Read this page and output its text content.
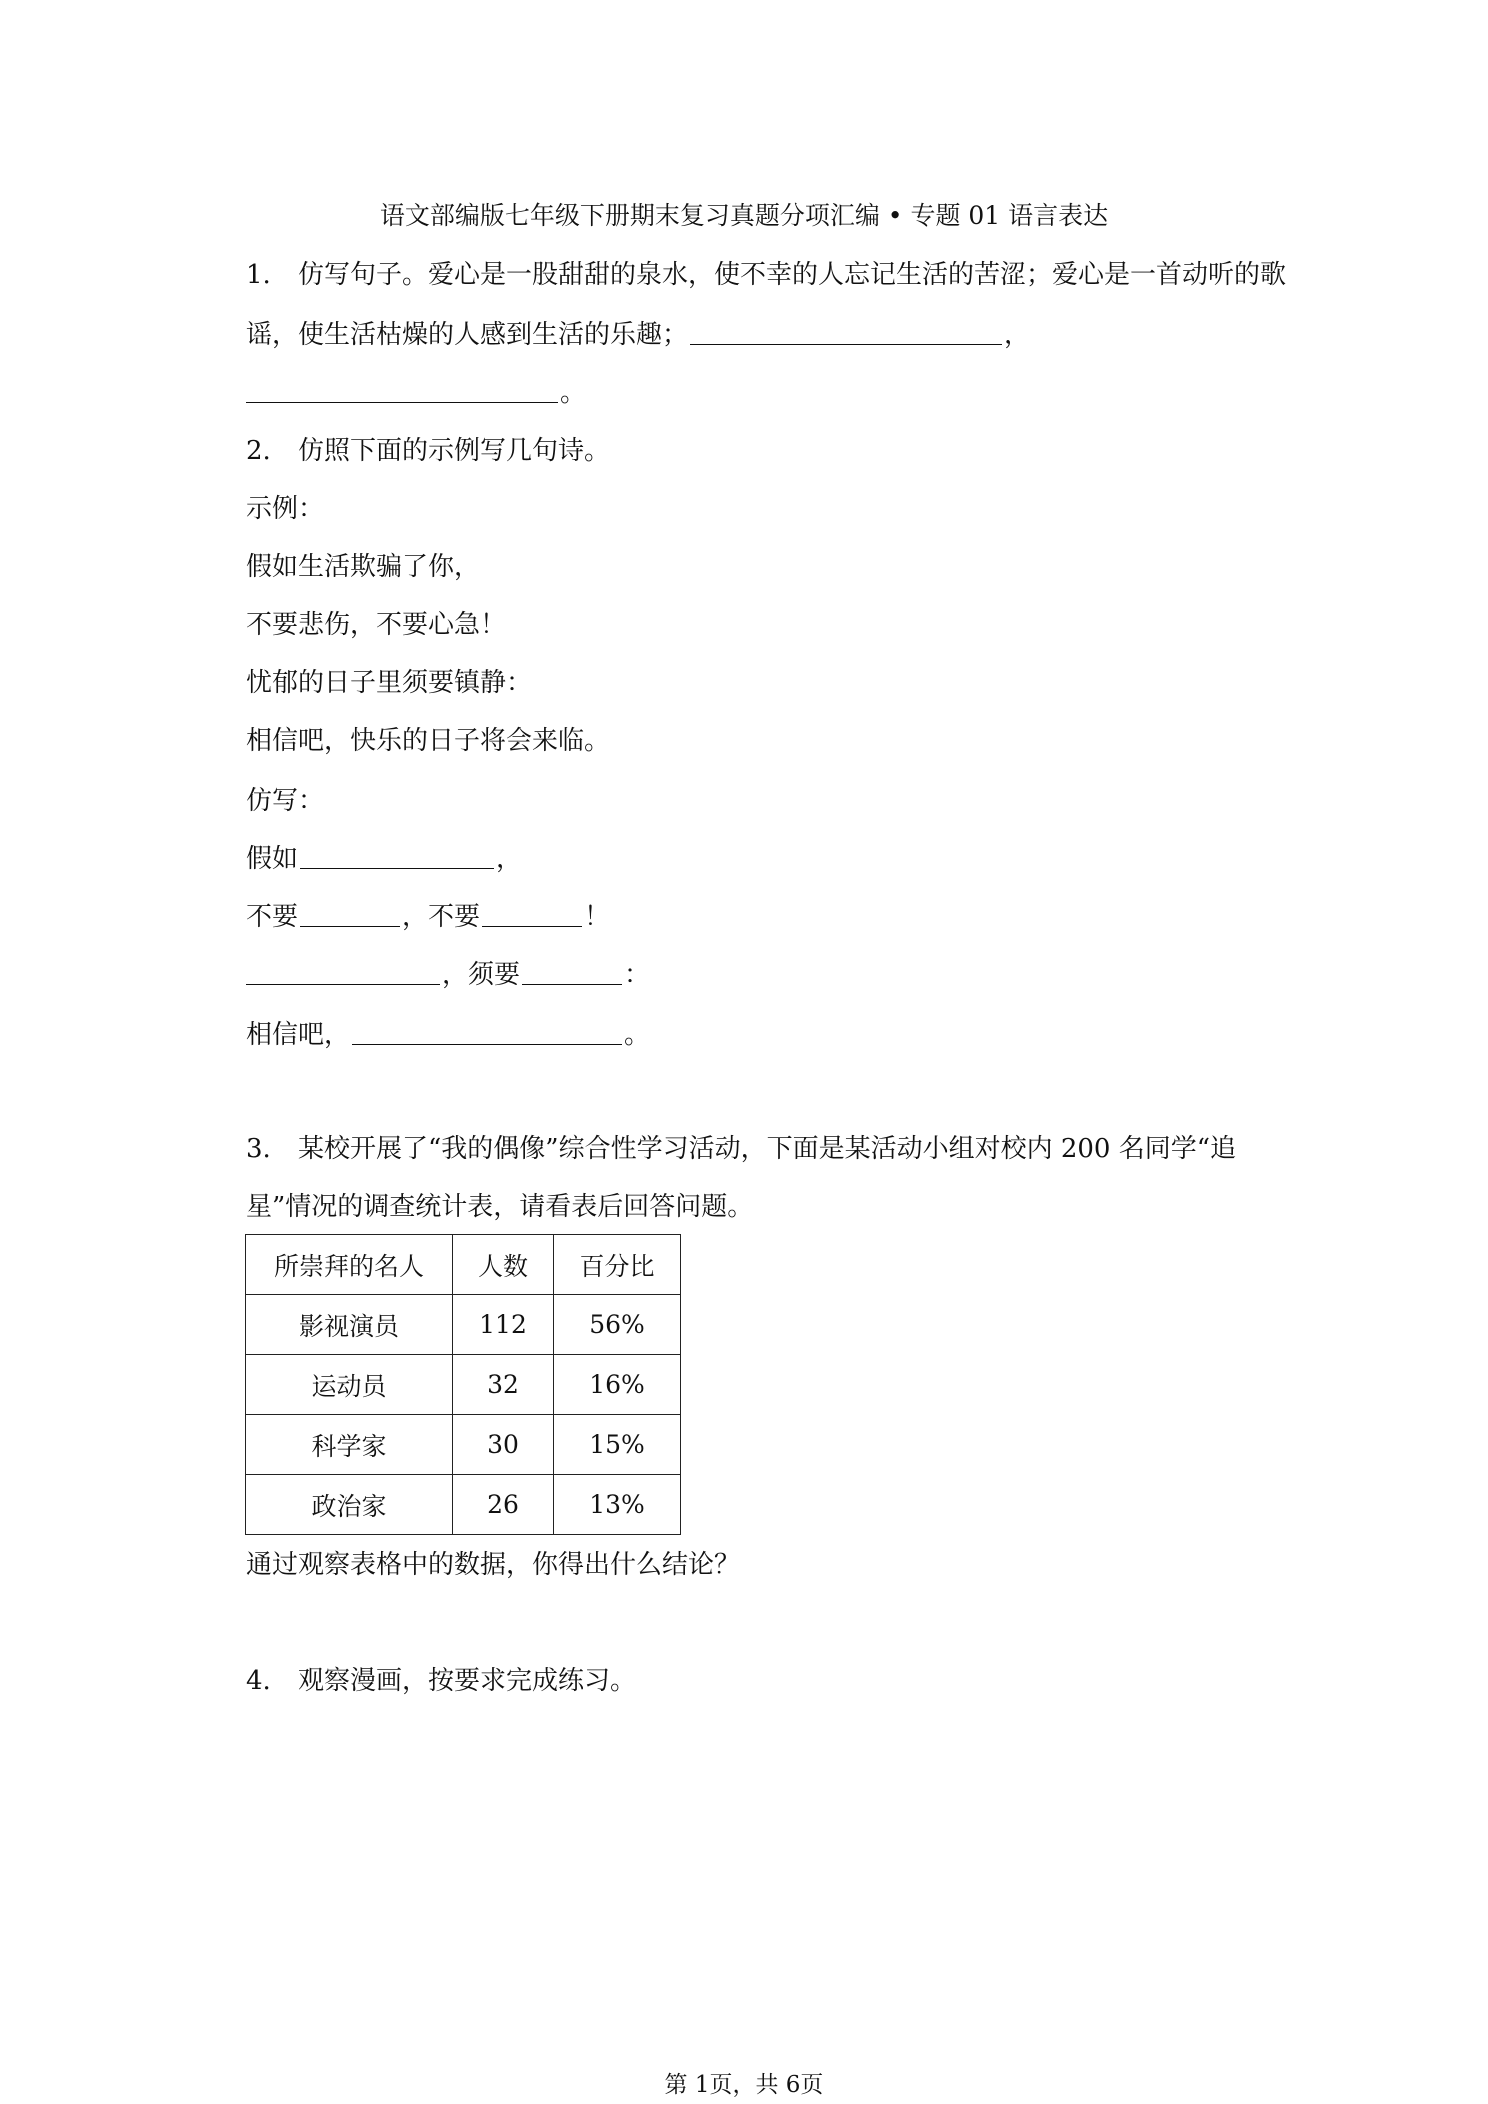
语文部编版七年级下册期末复习真题分项汇编 • 专题 01 语言表达
1. 仿写句子。爱心是一股甜甜的泉水，使不幸的人忘记生活的苦涩；爱心是一首动听的歌
谣，使生活枯燥的人感到生活的乐趣；	，
。
2. 仿照下面的示例写几句诗。
示例：
假如生活欺骗了你，
不要悲伤，不要心急！
忧郁的日子里须要镇静：
相信吧，快乐的日子将会来临。
仿写：
假如	，
不要	，不要	！
，须要	：
相信吧，	。
3. 某校开展了“我的偶像”综合性学习活动，下面是某活动小组对校内 200 名同学“追
星”情况的调查统计表，请看表后回答问题。
所崇拜的名人	人数	百分比
影视演员	112	56%
运动员	32	16%
科学家	30	15%
政治家	26	13%
通过观察表格中的数据，你得出什么结论？
4. 观察漫画，按要求完成练习。
第 1页，共 6页
